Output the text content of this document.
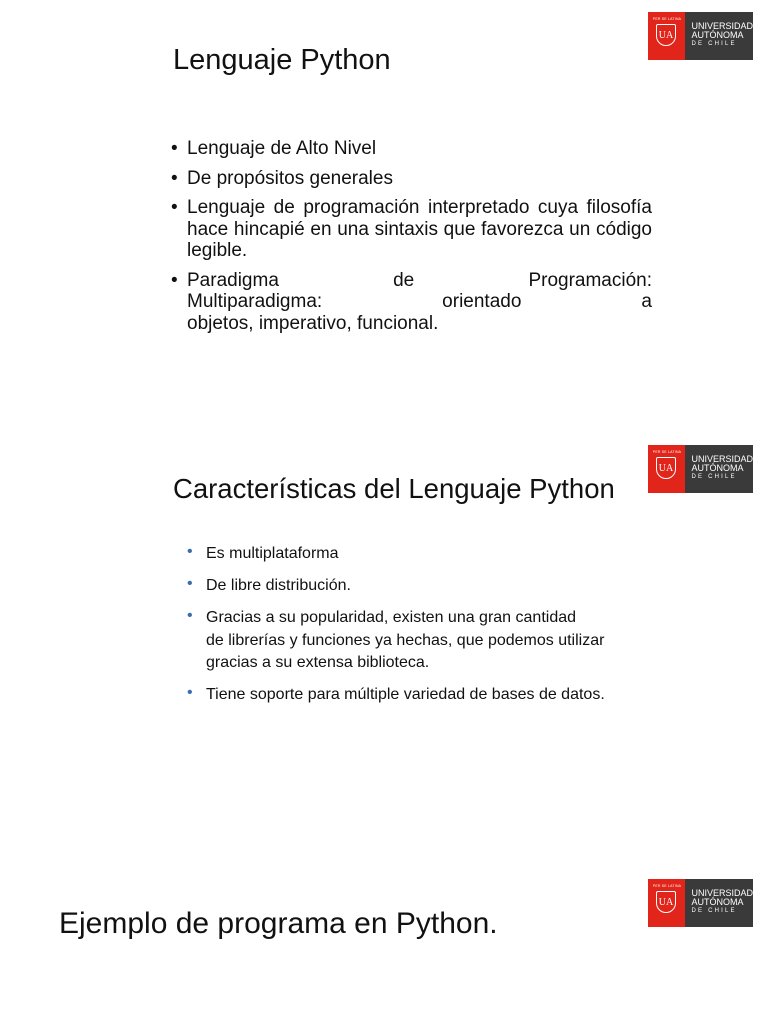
PER SE LATINA
UA
UNIVERSIDAD
AUTÓNOMA
DE CHILE
Lenguaje Python
• Lenguaje de Alto Nivel
• De propósitos generales
• Lenguaje de programación interpretado cuya filosofía hace hincapié en una sintaxis que favorezca un código legible.
• Paradigma	de	Programación:
Multiparadigma:	orientado	a
objetos, imperativo, funcional.
PER SE LATINA
UA
UNIVERSIDAD
AUTÓNOMA
DE CHILE
Características del Lenguaje Python
• Es multiplataforma
• De libre distribución.
• Gracias a su popularidad, existen una gran cantidad
de librerías y funciones ya hechas, que podemos utilizar
gracias a su extensa biblioteca.
• Tiene soporte para múltiple variedad de bases de datos.
PER SE LATINA
UA
UNIVERSIDAD
AUTÓNOMA
DE CHILE
Ejemplo de programa en Python.
